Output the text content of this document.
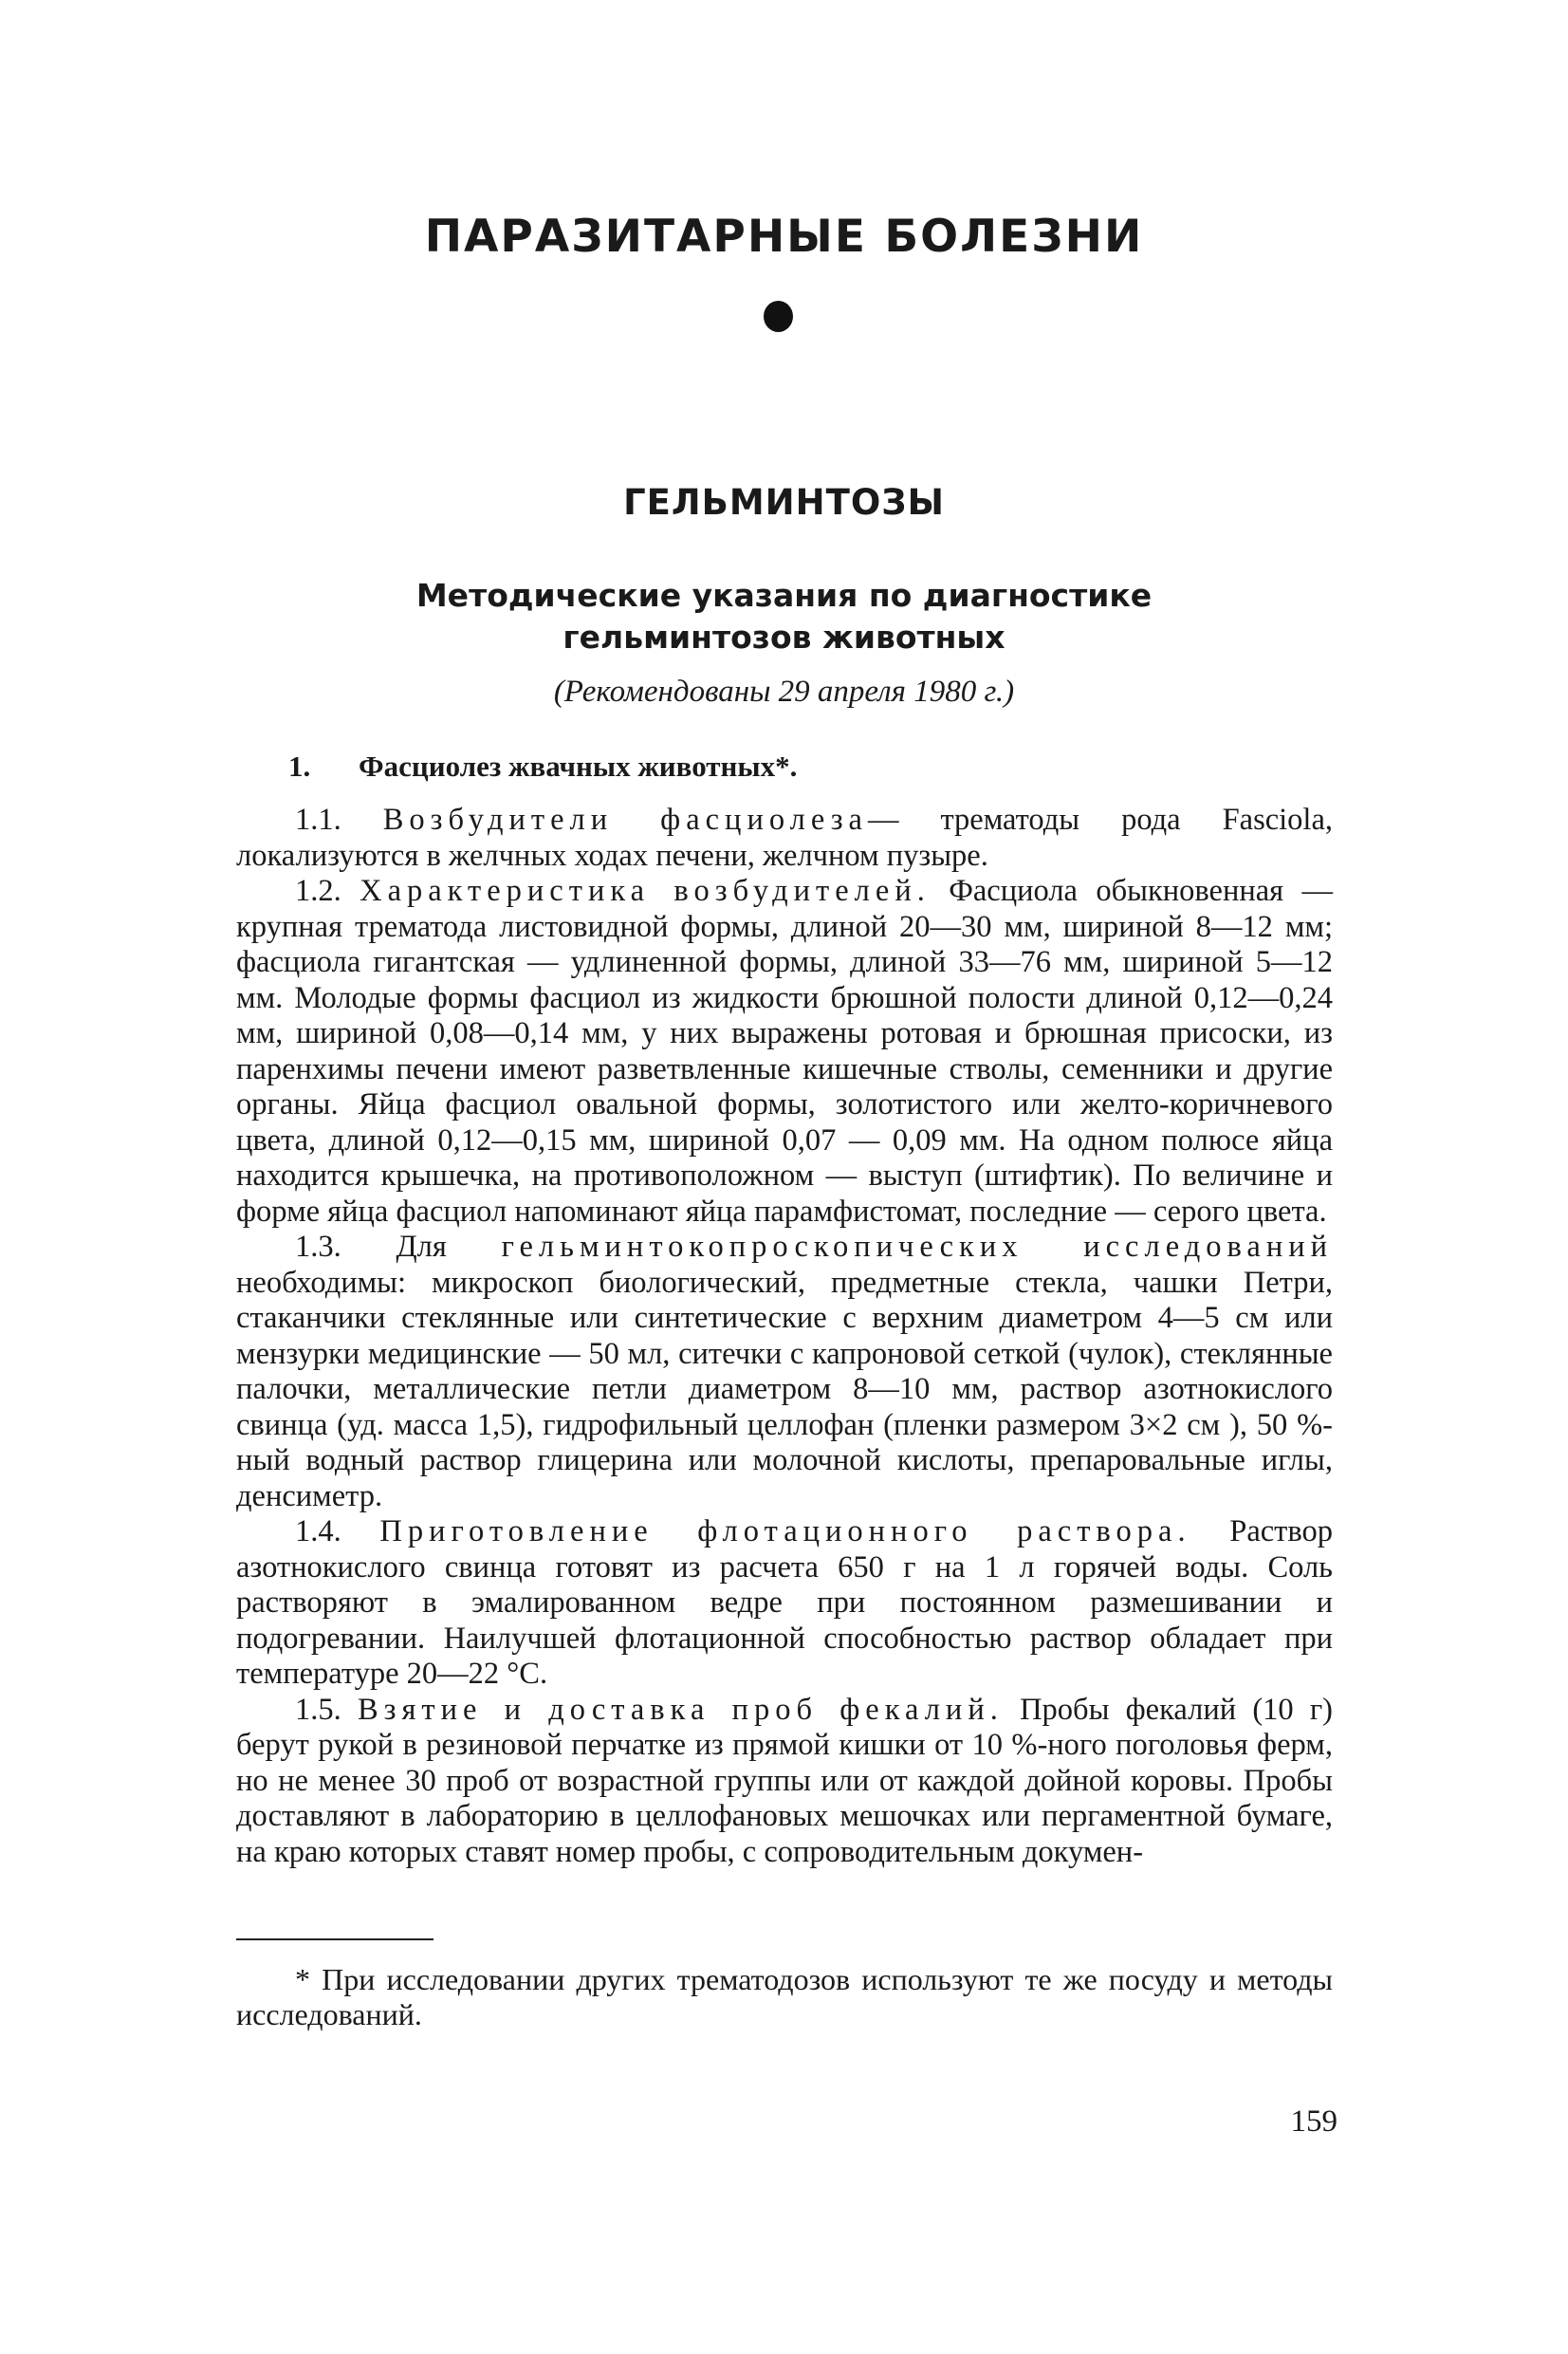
ПАРАЗИТАРНЫЕ БОЛЕЗНИ
ГЕЛЬМИНТОЗЫ
Методические указания по диагностике
гельминтозов животных

(Рекомендованы 29 апреля 1980 г.)

1. Фасциолез жвачных животных*.

1.1. Возбудители фасциолеза— трематоды рода Fasciola, локализуются в желчных ходах печени, желчном пузыре.

1.2. Характеристика возбудителей. Фасциола обыкновенная — крупная трематода листовидной формы, длиной 20—30 мм, шириной 8—12 мм; фасциола гигантская — удлиненной формы, длиной 33—76 мм, шириной 5—12 мм. Молодые формы фасциол из жидкости брюшной полости длиной 0,12—0,24 мм, шириной 0,08—0,14 мм, у них выражены ротовая и брюшная присоски, из паренхимы печени имеют разветвленные кишечные стволы, семенники и другие органы. Яйца фасциол овальной формы, золотистого или желто-коричневого цвета, длиной 0,12—0,15 мм, шириной 0,07 — 0,09 мм. На одном полюсе яйца находится крышечка, на противоположном — выступ (штифтик). По величине и форме яйца фасциол напоминают яйца парамфистомат, последние — серого цвета.

1.3. Для гельминтокопроскопических исследований необходимы: микроскоп биологический, предметные стекла, чашки Петри, стаканчики стеклянные или синтетические с верхним диаметром 4—5 см или мензурки медицинские — 50 мл, ситечки с капроновой сеткой (чулок), стеклянные палочки, металлические петли диаметром 8—10 мм, раствор азотнокислого свинца (уд. масса 1,5), гидрофильный целлофан (пленки размером 3×2 см ), 50 %-ный водный раствор глицерина или молочной кислоты, препаровальные иглы, денсиметр.

1.4. Приготовление флотационного раствора. Раствор азотнокислого свинца готовят из расчета 650 г на 1 л горячей воды. Соль растворяют в эмалированном ведре при постоянном размешивании и подогревании. Наилучшей флотационной способностью раствор обладает при температуре 20—22 °С.

1.5. Взятие и доставка проб фекалий. Пробы фекалий (10 г) берут рукой в резиновой перчатке из прямой кишки от 10 %-ного поголовья ферм, но не менее 30 проб от возрастной группы или от каждой дойной коровы. Пробы доставляют в лабораторию в целлофановых мешочках или пергаментной бумаге, на краю которых ставят номер пробы, с сопроводительным докумен-

* При исследовании других трематодозов используют те же посуду и методы исследований.

159
